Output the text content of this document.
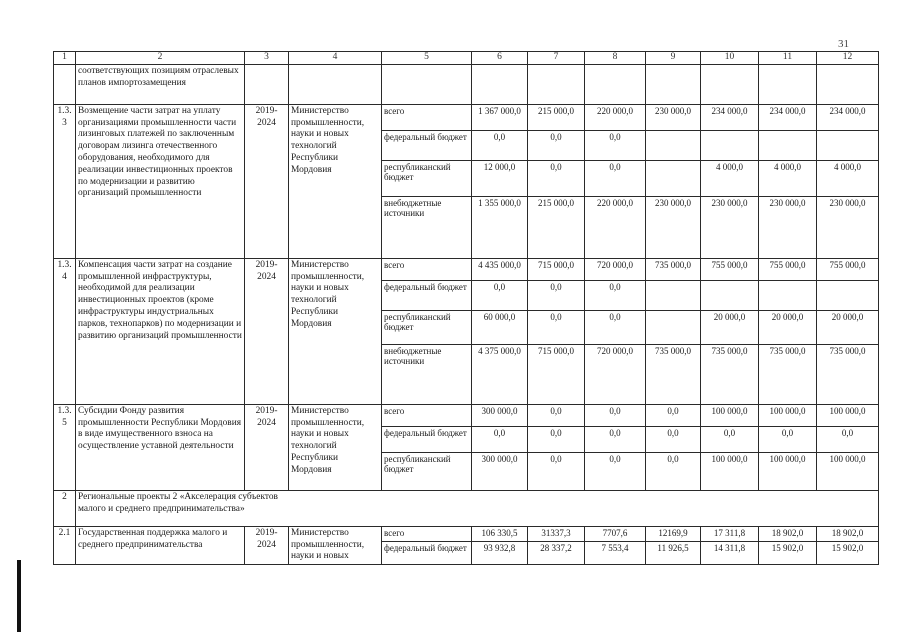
31
1	2	3	4	5	6	7	8	9	10	11	12
	соответствующих позициям отраслевых планов импортозамещения										
1.3. 3	Возмещение части затрат на уплату организациями промышленности части лизинговых платежей по заключенным договорам лизинга отечественного оборудования, необходимого для реализации инвестиционных проектов по модернизации и развитию организаций промышленности	2019-2024	Министерство промышленности, науки и новых технологий Республики Мордовия	всего	1 367 000,0	215 000,0	220 000,0	230 000,0	234 000,0	234 000,0	234 000,0
				федеральный бюджет	0,0	0,0	0,0				
				республиканский бюджет	12 000,0	0,0	0,0		4 000,0	4 000,0	4 000,0
				внебюджетные источники	1 355 000,0	215 000,0	220 000,0	230 000,0	230 000,0	230 000,0	230 000,0
1.3. 4	Компенсация части затрат на создание промышленной инфраструктуры, необходимой для реализации инвестиционных проектов (кроме инфраструктуры индустриальных парков, технопарков) по модернизации и развитию организаций промышленности	2019-2024	Министерство промышленности, науки и новых технологий Республики Мордовия	всего	4 435 000,0	715 000,0	720 000,0	735 000,0	755 000,0	755 000,0	755 000,0
				федеральный бюджет	0,0	0,0	0,0				
				республиканский бюджет	60 000,0	0,0	0,0		20 000,0	20 000,0	20 000,0
				внебюджетные источники	4 375 000,0	715 000,0	720 000,0	735 000,0	735 000,0	735 000,0	735 000,0
1.3. 5	Субсидии Фонду развития промышленности Республики Мордовия в виде имущественного взноса на осуществление уставной деятельности	2019-2024	Министерство промышленности, науки и новых технологий Республики Мордовия	всего	300 000,0	0,0	0,0	0,0	100 000,0	100 000,0	100 000,0
				федеральный бюджет	0,0	0,0	0,0	0,0	0,0	0,0	0,0
				республиканский бюджет	300 000,0	0,0	0,0	0,0	100 000,0	100 000,0	100 000,0
2	Региональные проекты 2 «Акселерация субъектов малого и среднего предпринимательства»										

2.1	Государственная поддержка малого и среднего предпринимательства	2019-2024	Министерство промышленности, науки и новых	всего	106 330,5	31337,3	7707,6	12169,9	17 311,8	18 902,0	18 902,0
				федеральный бюджет	93 932,8	28 337,2	7 553,4	11 926,5	14 311,8	15 902,0	15 902,0
